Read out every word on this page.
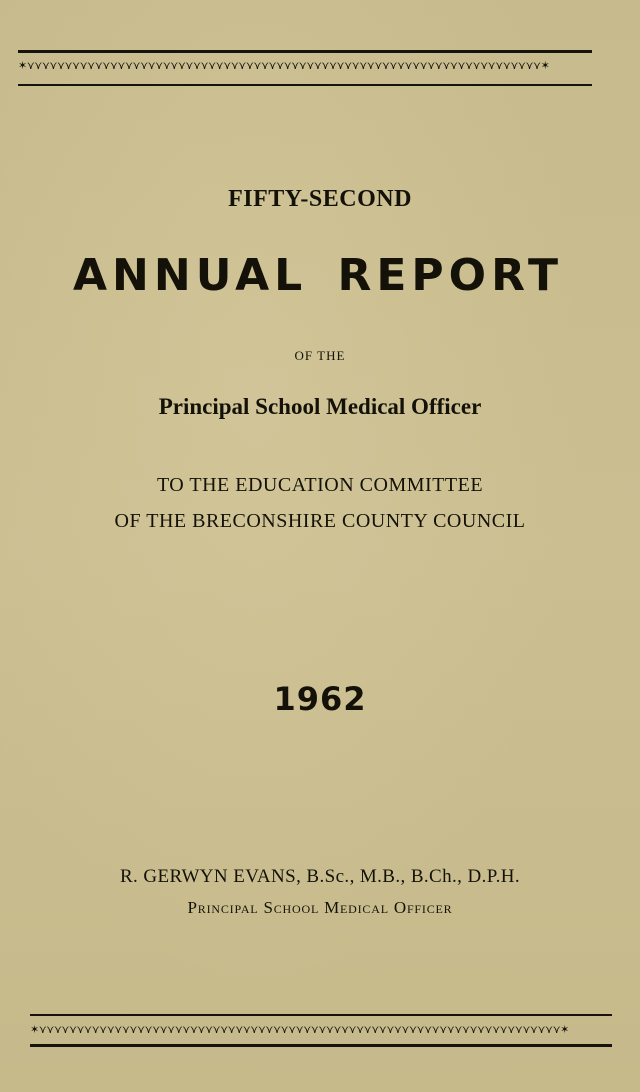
✶⋎⋎⋎⋎⋎⋎⋎⋎⋎⋎⋎⋎⋎⋎⋎⋎⋎⋎⋎⋎⋎⋎⋎⋎⋎⋎⋎⋎⋎⋎⋎⋎⋎⋎⋎⋎⋎⋎⋎⋎⋎⋎⋎⋎⋎⋎⋎⋎⋎⋎⋎⋎⋎⋎⋎⋎⋎⋎⋎⋎⋎⋎⋎⋎⋎⋎⋎⋎✶
FIFTY-SECOND
ANNUAL REPORT
OF THE
Principal School Medical Officer
TO THE EDUCATION COMMITTEE
OF THE BRECONSHIRE COUNTY COUNCIL
1962
R. GERWYN EVANS, B.Sc., M.B., B.Ch., D.P.H.
Principal School Medical Officer
✶⋎⋎⋎⋎⋎⋎⋎⋎⋎⋎⋎⋎⋎⋎⋎⋎⋎⋎⋎⋎⋎⋎⋎⋎⋎⋎⋎⋎⋎⋎⋎⋎⋎⋎⋎⋎⋎⋎⋎⋎⋎⋎⋎⋎⋎⋎⋎⋎⋎⋎⋎⋎⋎⋎⋎⋎⋎⋎⋎⋎⋎⋎⋎⋎⋎⋎⋎⋎⋎✶
